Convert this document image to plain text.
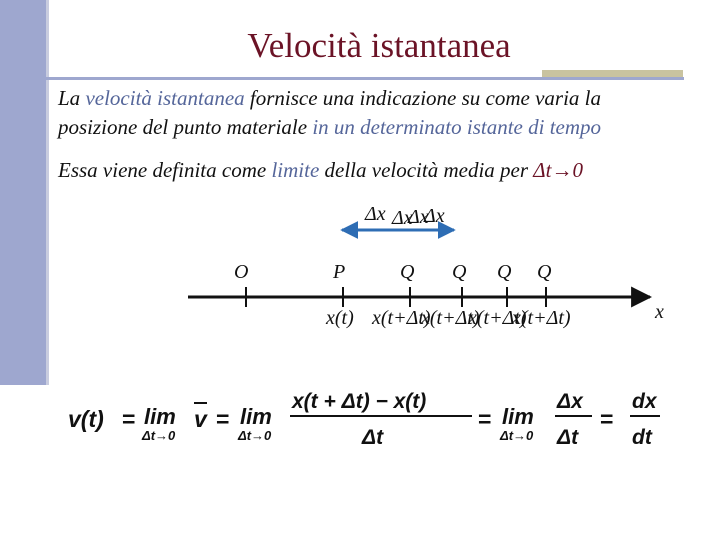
Velocità istantanea
La velocità istantanea fornisce una indicazione su come varia la
posizione del punto materiale in un determinato istante di tempo
Essa viene definita come limite della velocità media per Δt→0
Δx Δx
Δx
Δx
O	P	Q Q Q Q
x
x(t) x(t+Δt)
x(t+Δt)
x(t+Δt)
x(t+Δt)
v(t) = lim
Δt→0
v = lim
Δt→0
x(t + Δt) − x(t)
Δt
= lim
Δt→0
Δx
Δt
=
dx
dt
